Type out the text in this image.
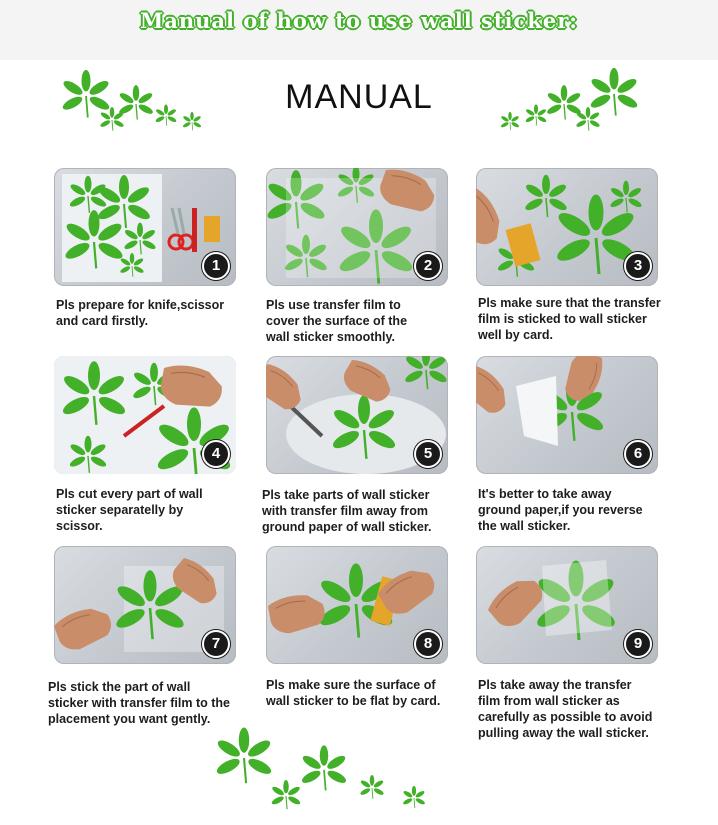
Manual of how to use wall sticker:
MANUAL
1
Pls prepare for knife,scissor
and card firstly.
2
Pls use transfer film to
cover the surface of the
wall sticker smoothly.
3
Pls make sure that the transfer
film is sticked to wall sticker
well by card.
4
Pls cut every part of wall
sticker separatelly by
scissor.
5
Pls take parts of wall sticker
with transfer film away from
ground paper of wall sticker.
6
It's better to take away
ground paper,if you reverse
the wall sticker.
7
Pls stick the part of wall
sticker with transfer film to the
placement you want gently.
8
Pls make sure the surface of
wall sticker to be flat by card.
9
Pls take away the transfer
film from wall sticker as
carefully as possible to avoid
pulling away the wall sticker.
